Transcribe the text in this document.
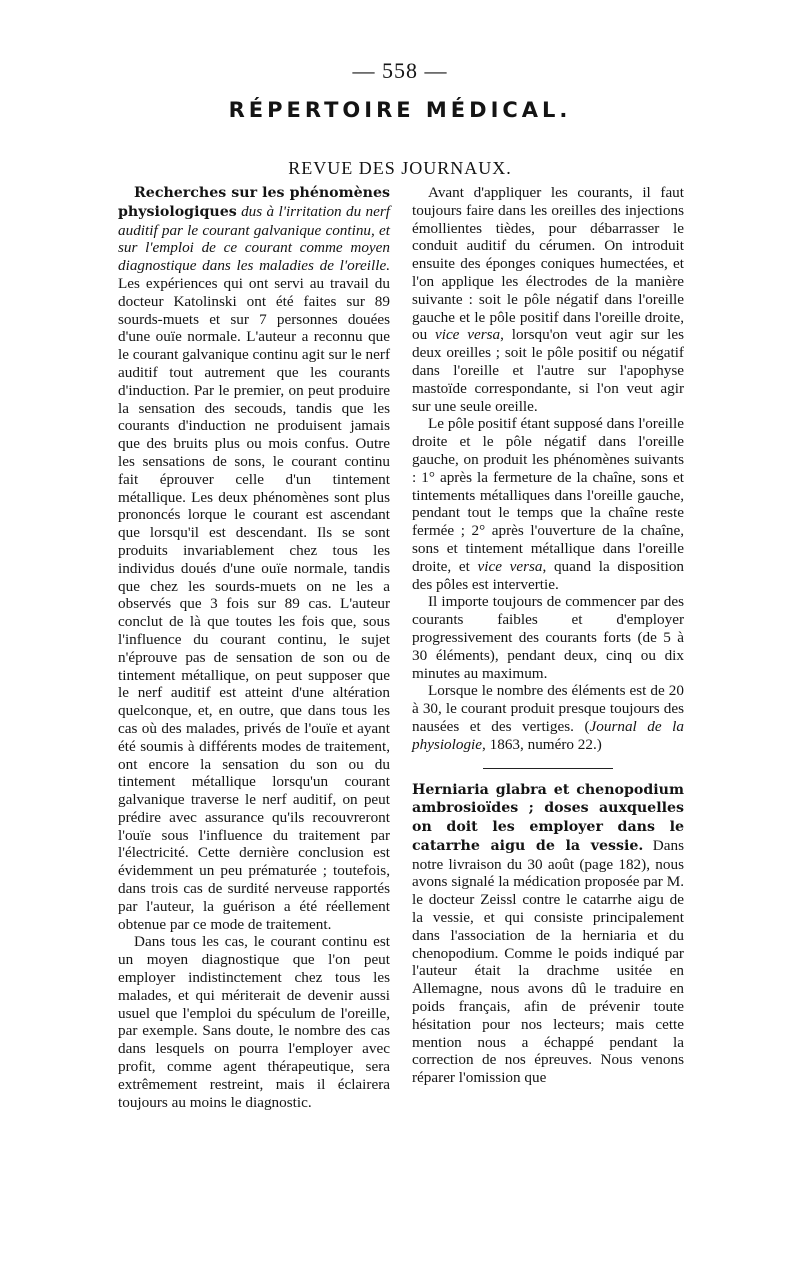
— 558 —
RÉPERTOIRE MÉDICAL.
REVUE DES JOURNAUX.

Recherches sur les phénomènes physiologiques dus à l'irritation du nerf auditif par le courant galvanique continu, et sur l'emploi de ce courant comme moyen diagnostique dans les maladies de l'oreille. Les expériences qui ont servi au travail du docteur Katolinski ont été faites sur 89 sourds-muets et sur 7 personnes douées d'une ouïe normale. L'auteur a reconnu que le courant galvanique continu agit sur le nerf auditif tout autrement que les courants d'induction. Par le premier, on peut produire la sensation des secouds, tandis que les courants d'induction ne produisent jamais que des bruits plus ou mois confus. Outre les sensations de sons, le courant continu fait éprouver celle d'un tintement métallique. Les deux phénomènes sont plus prononcés lorque le courant est ascendant que lorsqu'il est descendant. Ils se sont produits invariablement chez tous les individus doués d'une ouïe normale, tandis que chez les sourds-muets on ne les a observés que 3 fois sur 89 cas. L'auteur conclut de là que toutes les fois que, sous l'influence du courant continu, le sujet n'éprouve pas de sensation de son ou de tintement métallique, on peut supposer que le nerf auditif est atteint d'une altération quelconque, et, en outre, que dans tous les cas où des malades, privés de l'ouïe et ayant été soumis à différents modes de traitement, ont encore la sensation du son ou du tintement métallique lorsqu'un courant galvanique traverse le nerf auditif, on peut prédire avec assurance qu'ils recouvreront l'ouïe sous l'influence du traitement par l'électricité. Cette dernière conclusion est évidemment un peu prématurée ; toutefois, dans trois cas de surdité nerveuse rapportés par l'auteur, la guérison a été réellement obtenue par ce mode de traitement.

Dans tous les cas, le courant continu est un moyen diagnostique que l'on peut employer indistinctement chez tous les malades, et qui mériterait de devenir aussi usuel que l'emploi du spéculum de l'oreille, par exemple. Sans doute, le nombre des cas dans lesquels on pourra l'employer avec profit, comme agent thérapeutique, sera extrêmement restreint, mais il éclairera toujours au moins le diagnostic.

Avant d'appliquer les courants, il faut toujours faire dans les oreilles des injections émollientes tièdes, pour débarrasser le conduit auditif du cérumen. On introduit ensuite des éponges coniques humectées, et l'on applique les électrodes de la manière suivante : soit le pôle négatif dans l'oreille gauche et le pôle positif dans l'oreille droite, ou vice versa, lorsqu'on veut agir sur les deux oreilles ; soit le pôle positif ou négatif dans l'oreille et l'autre sur l'apophyse mastoïde correspondante, si l'on veut agir sur une seule oreille.

Le pôle positif étant supposé dans l'oreille droite et le pôle négatif dans l'oreille gauche, on produit les phénomènes suivants : 1° après la fermeture de la chaîne, sons et tintements métalliques dans l'oreille gauche, pendant tout le temps que la chaîne reste fermée ; 2° après l'ouverture de la chaîne, sons et tintement métallique dans l'oreille droite, et vice versa, quand la disposition des pôles est intervertie.

Il importe toujours de commencer par des courants faibles et d'employer progressivement des courants forts (de 5 à 30 éléments), pendant deux, cinq ou dix minutes au maximum.

Lorsque le nombre des éléments est de 20 à 30, le courant produit presque toujours des nausées et des vertiges. (Journal de la physiologie, 1863, numéro 22.)

Herniaria glabra et chenopodium ambrosioïdes ; doses auxquelles on doit les employer dans le catarrhe aigu de la vessie. Dans notre livraison du 30 août (page 182), nous avons signalé la médication proposée par M. le docteur Zeissl contre le catarrhe aigu de la vessie, et qui consiste principalement dans l'association de la herniaria et du chenopodium. Comme le poids indiqué par l'auteur était la drachme usitée en Allemagne, nous avons dû le traduire en poids français, afin de prévenir toute hésitation pour nos lecteurs; mais cette mention nous a échappé pendant la correction de nos épreuves. Nous venons réparer l'omission que
